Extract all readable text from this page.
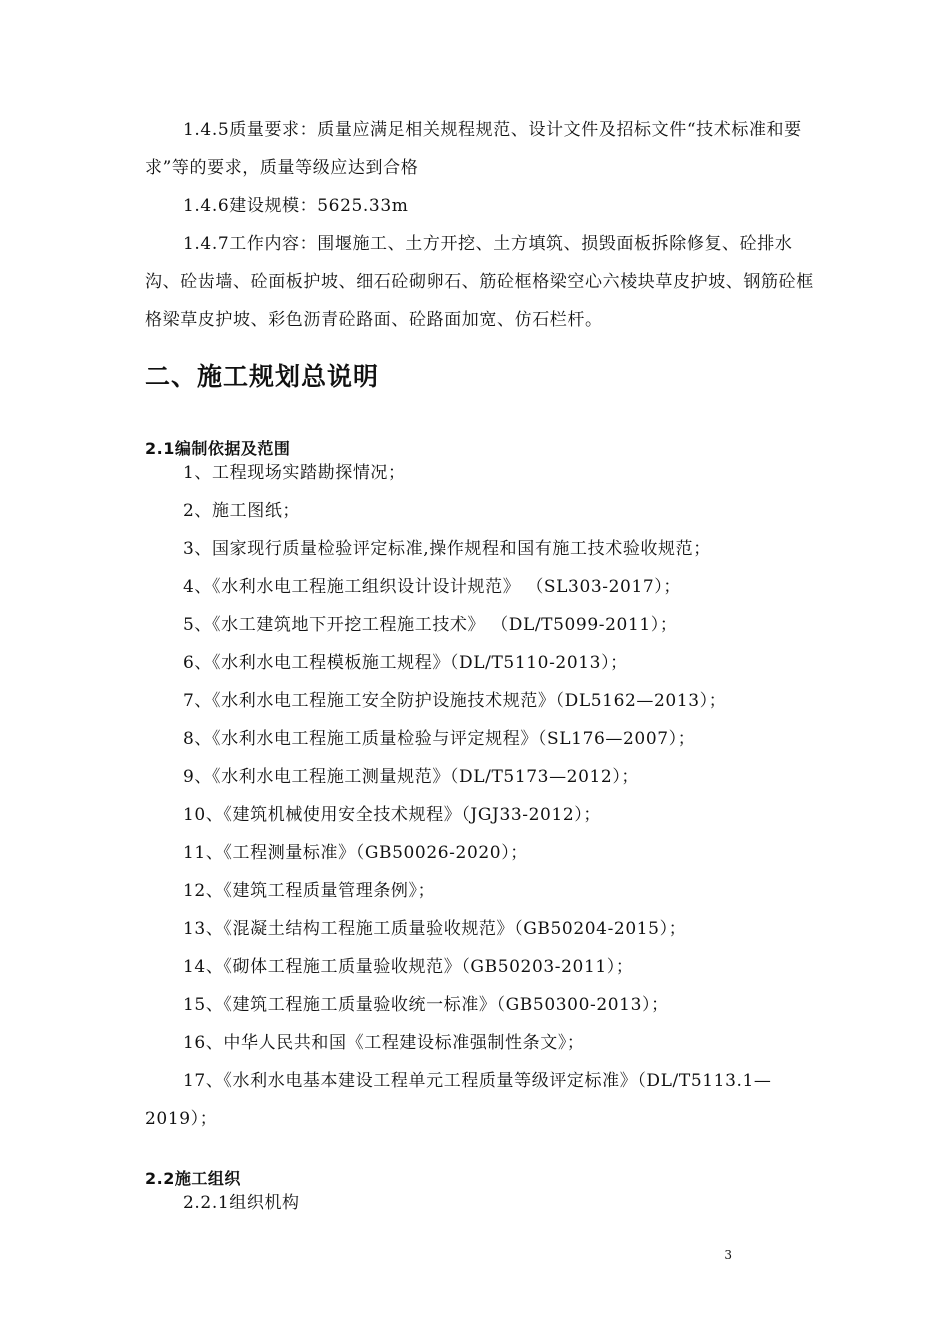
1.4.5质量要求：质量应满足相关规程规范、设计文件及招标文件“技术标准和要求”等的要求，质量等级应达到合格

1.4.6建设规模：5625.33m

1.4.7工作内容：围堰施工、土方开挖、土方填筑、损毁面板拆除修复、砼排水沟、砼齿墙、砼面板护坡、细石砼砌卵石、筋砼框格梁空心六棱块草皮护坡、钢筋砼框格梁草皮护坡、彩色沥青砼路面、砼路面加宽、仿石栏杆。

二、施工规划总说明
2.1编制依据及范围

1、工程现场实踏勘探情况；

2、施工图纸；

3、国家现行质量检验评定标准,操作规程和国有施工技术验收规范；

4、《水利水电工程施工组织设计设计规范》 （SL303-2017）；

5、《水工建筑地下开挖工程施工技术》 （DL/T5099-2011）；

6、《水利水电工程模板施工规程》（DL/T5110-2013）；

7、《水利水电工程施工安全防护设施技术规范》（DL5162—2013）；

8、《水利水电工程施工质量检验与评定规程》（SL176—2007）；

9、《水利水电工程施工测量规范》（DL/T5173—2012）；

10、《建筑机械使用安全技术规程》（JGJ33-2012）；

11、《工程测量标准》（GB50026-2020）；

12、《建筑工程质量管理条例》；

13、《混凝土结构工程施工质量验收规范》（GB50204-2015）；

14、《砌体工程施工质量验收规范》（GB50203-2011）；

15、《建筑工程施工质量验收统一标准》（GB50300-2013）；

16、中华人民共和国《工程建设标准强制性条文》；

17、《水利水电基本建设工程单元工程质量等级评定标准》（DL/T5113.1—2019）；

2.2施工组织

2.2.1组织机构

3
